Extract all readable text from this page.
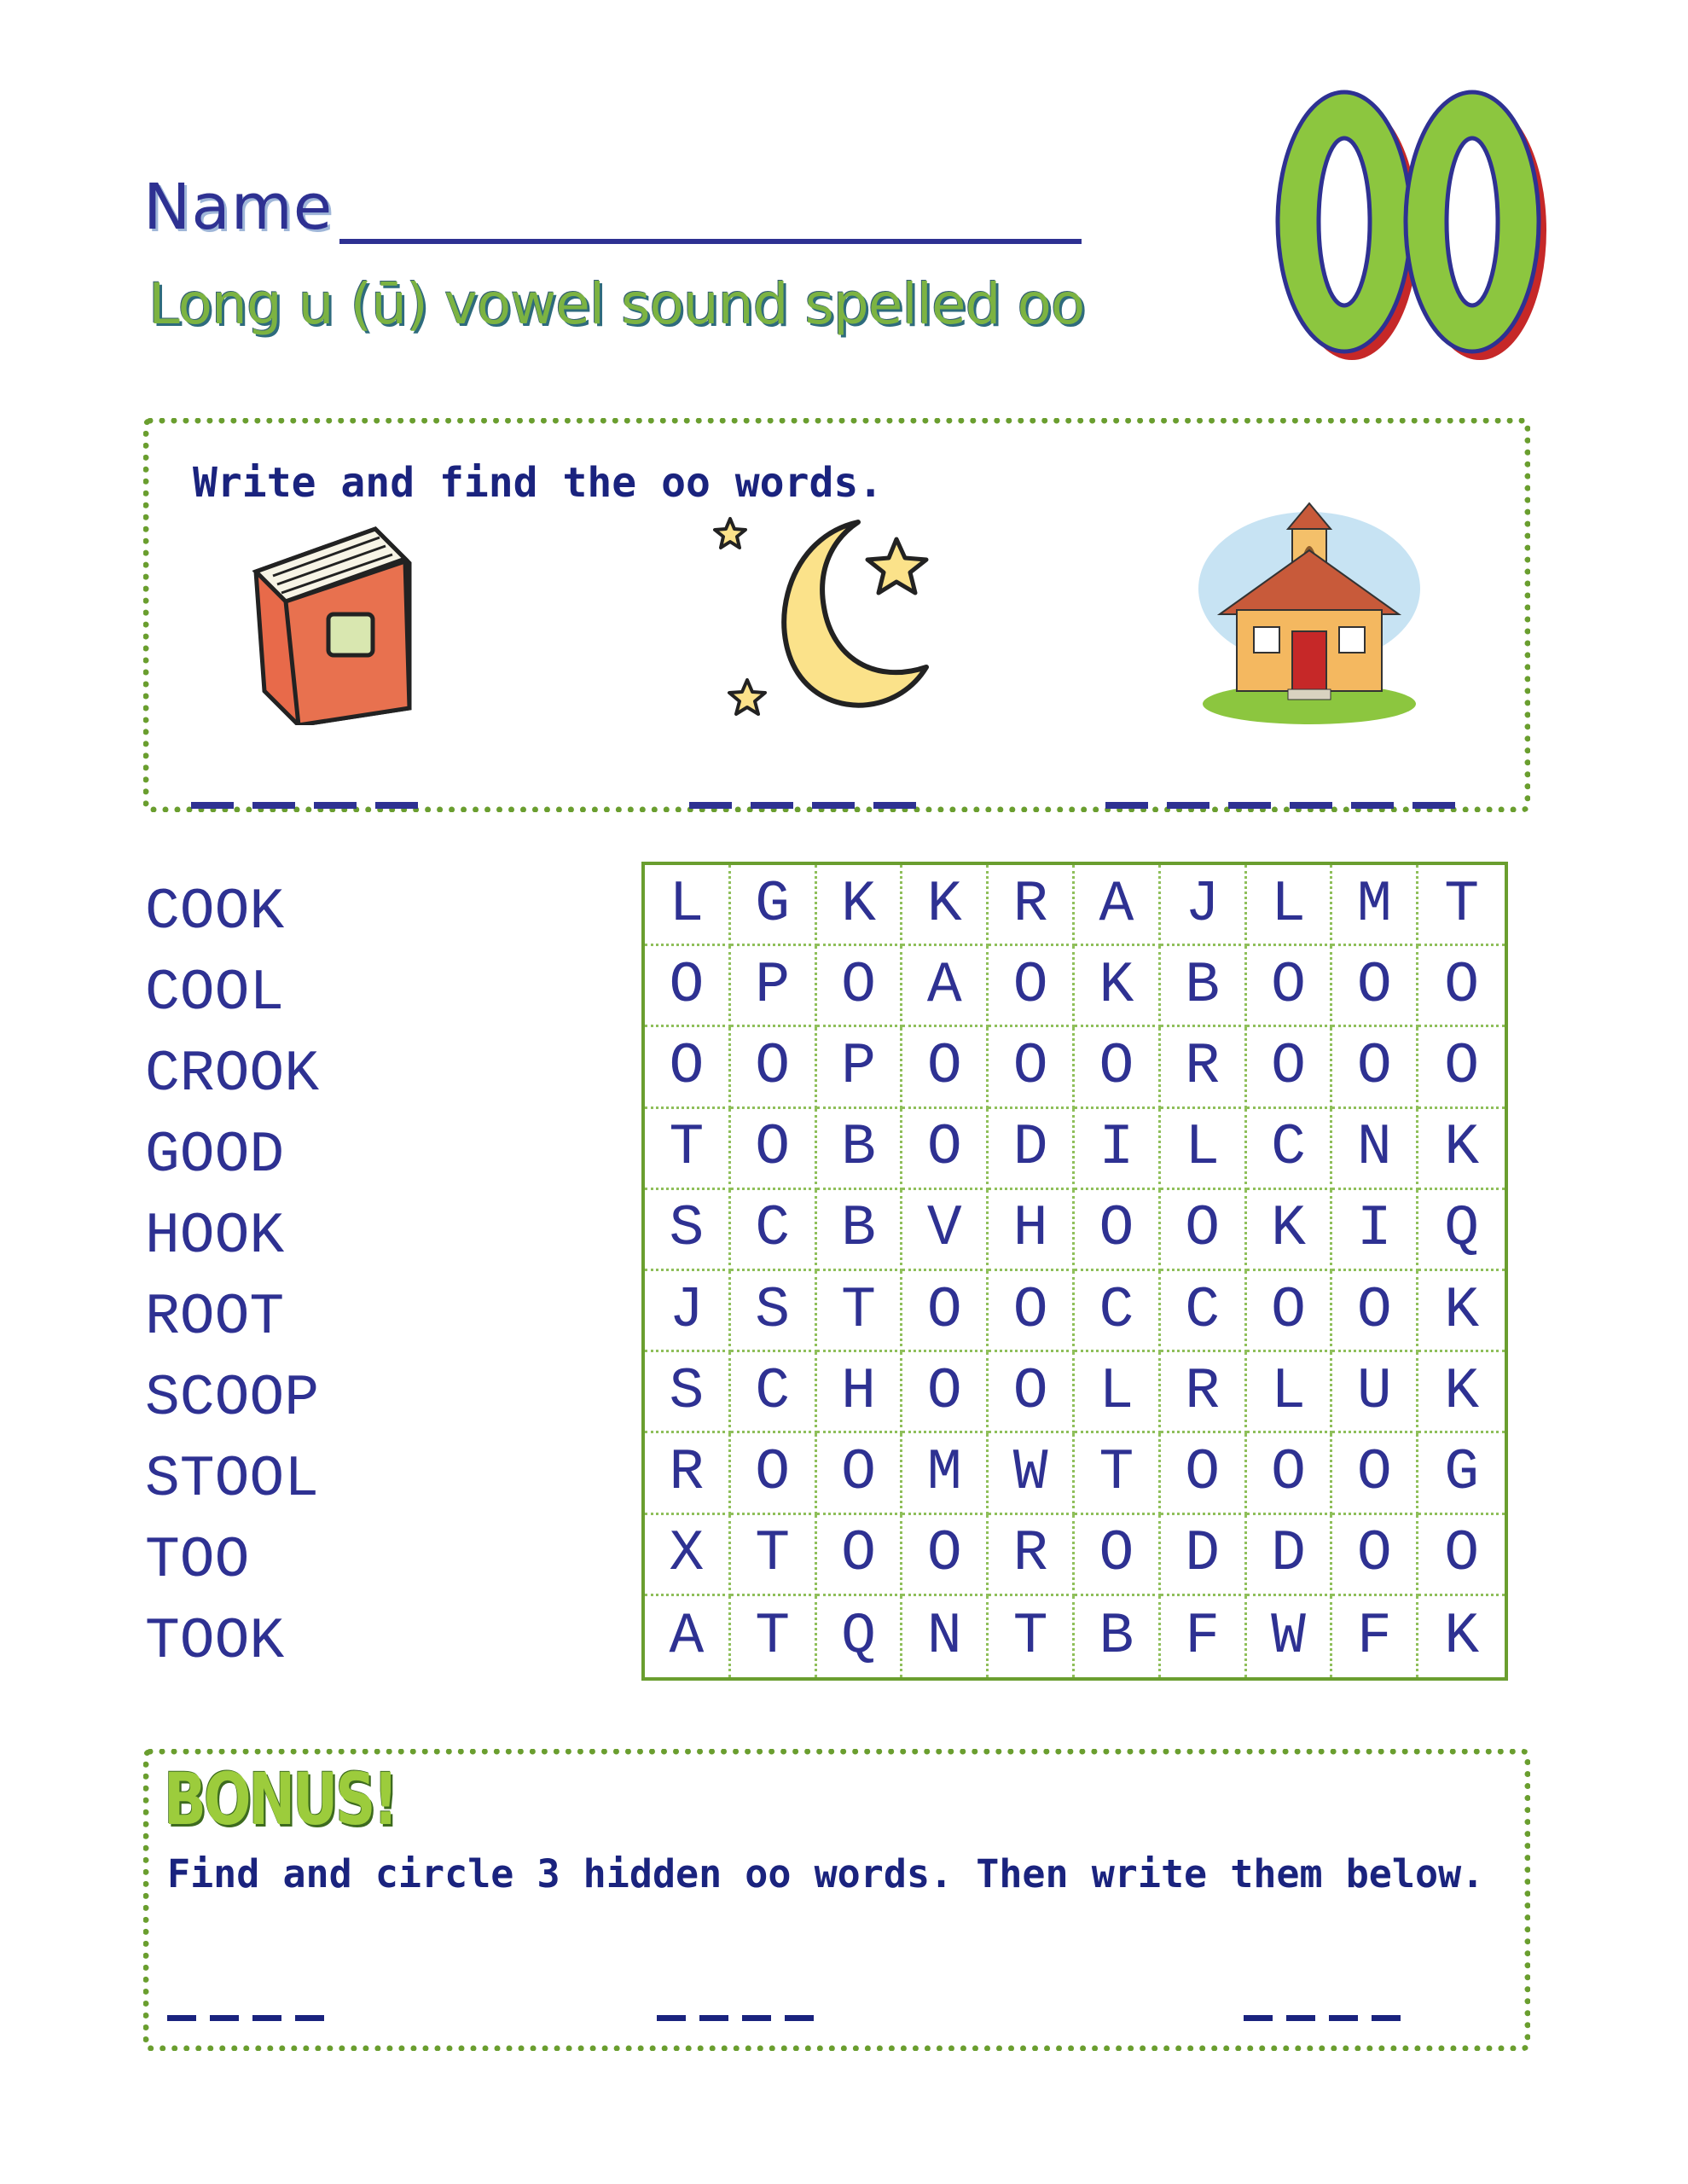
Name
Long u (ū) vowel sound spelled oo
Write and find the oo words.
COOK
COOL
CROOK
GOOD
HOOK
ROOT
SCOOP
STOOL
TOO
TOOK
L G K K R A J L M T
O P O A O K B O O O
O O P O O O R O O O
T O B O D I L C N K
S C B V H O O K I Q
J S T O O C C O O K
S C H O O L R L U K
R O O M W T O O O G
X T O O R O D D O O
A T Q N T B F W F K
BONUS!
Find and circle 3 hidden oo words. Then write them below.
